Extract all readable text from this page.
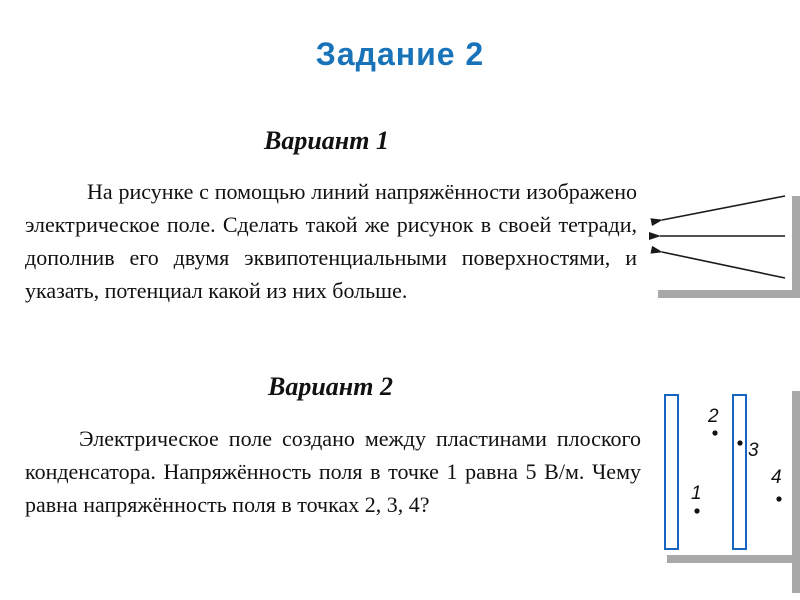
Задание 2
Вариант 1
На рисунке с помощью линий напряжённости изображено электрическое поле. Сделать такой же рисунок в своей тетради, дополнив его двумя эквипотенциальными поверхностями, и указать, потенциал какой из них больше.
Вариант 2
Электрическое поле создано между пластинами плоского конденсатора. Напряжённость поля в точке 1 равна 5 В/м. Чему равна напряжённость поля в точках 2, 3, 4?	1
2
3
4
